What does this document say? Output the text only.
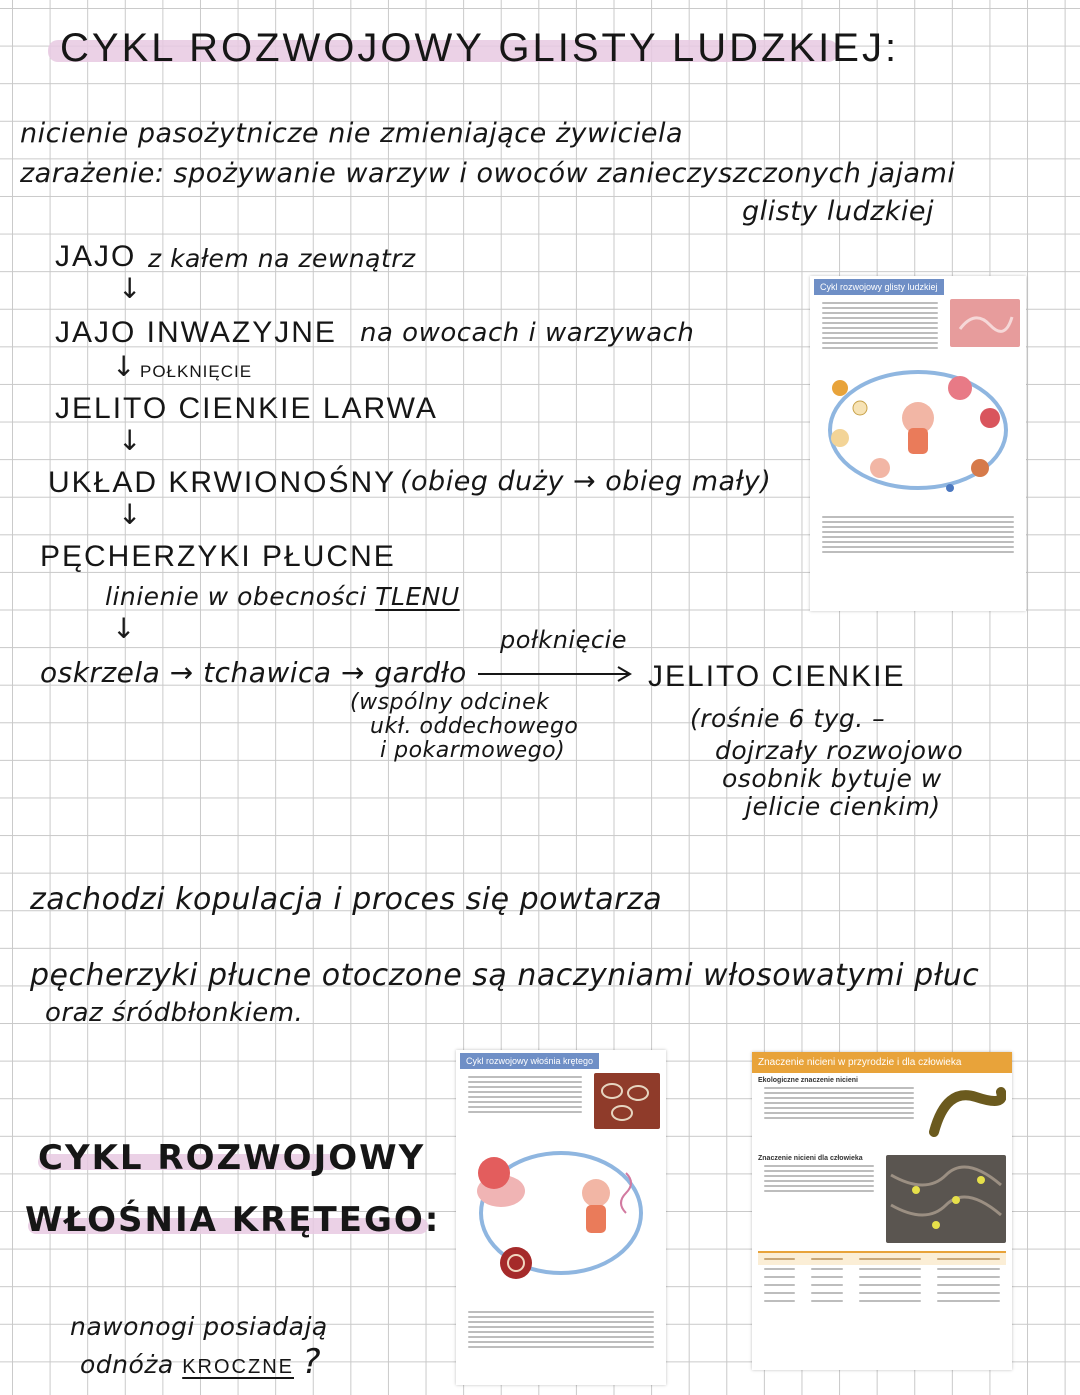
CYKL ROZWOJOWY GLISTY LUDZKIEJ:
nicienie pasożytnicze nie zmieniające żywiciela
zarażenie: spożywanie warzyw i owoców zanieczyszczonych jajami
glisty ludzkiej
JAJO z kałem na zewnątrz
↓
JAJO INWAZYJNE na owocach i warzywach
↓ POŁKNIĘCIE
JELITO CIENKIE LARWA
↓
UKŁAD KRWIONOŚNY (obieg duży → obieg mały)
↓
PĘCHERZYKI PŁUCNE
linienie w obecności TLENU
↓
oskrzela → tchawica → gardło
połknięcie
JELITO CIENKIE
(wspólny odcinek
ukł. oddechowego
i pokarmowego)
(rośnie 6 tyg. –
dojrzały rozwojowo
osobnik bytuje w
jelicie cienkim)
zachodzi kopulacja i proces się powtarza
pęcherzyki płucne otoczone są naczyniami włosowatymi płuc
oraz śródbłonkiem.
CYKL ROZWOJOWY
WŁOŚNIA KRĘTEGO:
nawonogi posiadają
odnóża KROCZNE ?
Cykl rozwojowy glisty ludzkiej
Cykl rozwojowy włośnia krętego	Znaczenie nicieni w przyrodzie i dla człowieka
Ekologiczne znaczenie nicieni
Znaczenie nicieni dla człowieka
